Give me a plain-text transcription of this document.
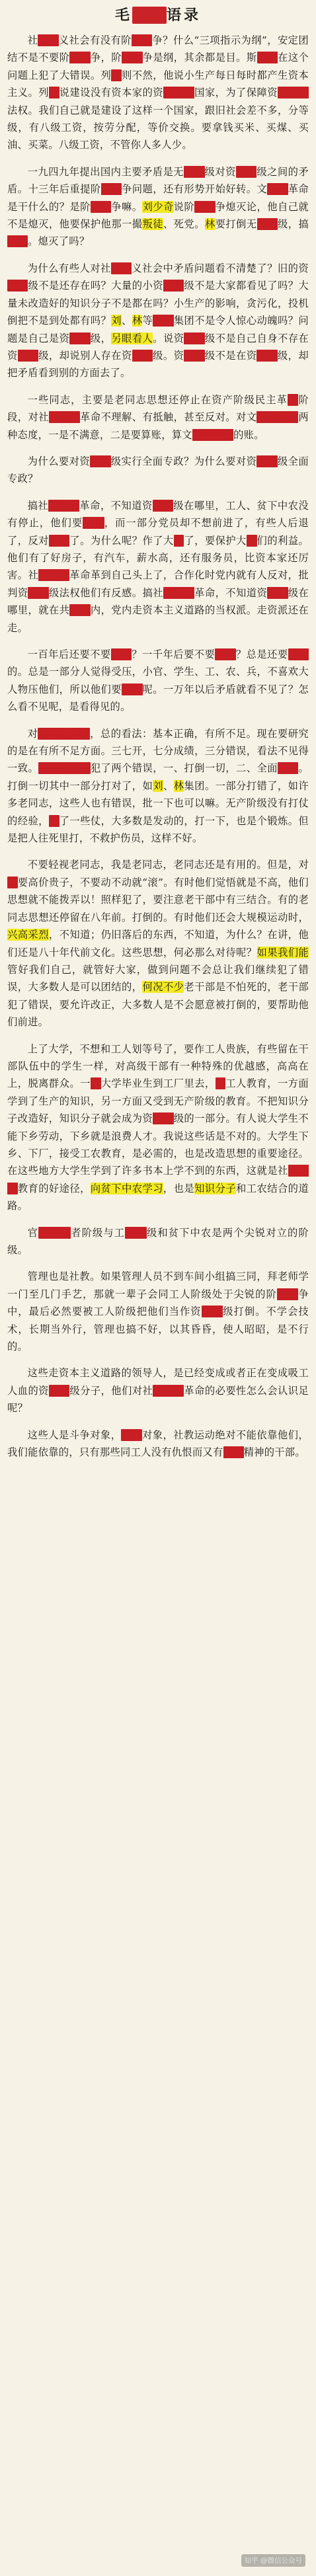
毛主席语录

社会主义社会有没有阶级斗争？什么“三项指示为纲”，安定团结不是不要阶级斗争，阶级斗争是纲，其余都是目。斯大林在这个问题上犯了大错误。列宁则不然，他说小生产每日每时都产生资本主义。列宁说建设没有资本家的资产阶级国家，为了保障资产阶级法权。我们自己就是建设了这样一个国家，跟旧社会差不多，分等级，有八级工资，按劳分配，等价交换。要拿钱买米、买煤、买油、买菜。八级工资，不管你人多人少。

一九四九年提出国内主要矛盾是无产阶级对资产阶级之间的矛盾。十三年后重提阶级斗争问题，还有形势开始好转。文化大革命是干什么的？是阶级斗争嘛。刘少奇说阶级斗争熄灭论，他自己就不是熄灭，他要保护他那一撮叛徒、死党。林要打倒无产阶级，搞政变。熄灭了吗？

为什么有些人对社会主义社会中矛盾问题看不清楚了？旧的资产阶级不是还存在吗？大量的小资产阶级不是大家都看见了吗？大量未改造好的知识分子不是都在吗？小生产的影响，贪污化，投机倒把不是到处都有吗？刘、林等反党集团不是令人惊心动魄吗？问题是自己是资产阶级，另眼看人。说资产阶级不是自己自身不存在资产阶级，却说别人存在资产阶级。资产阶级不是在资产阶级，却把矛盾看到别的方面去了。

一些同志，主要是老同志思想还停止在资产阶级民主革命阶段，对社会主义革命不理解、有抵触，甚至反对。对文化大革命两种态度，一是不满意，二是要算账，算文化大革命的账。

为什么要对资产阶级实行全面专政？为什么要对资产阶级全面专政？

搞社会主义革命，不知道资产阶级在哪里，工人、贫下中农没有停止，他们要革命，而一部分党员却不想前进了，有些人后退了，反对革命了。为什么呢？作了大官了，要保护大官们的利益。他们有了好房子，有汽车，薪水高，还有服务员，比资本家还厉害。社会主义革命革到自己头上了，合作化时党内就有人反对，批判资产阶级法权他们有反感。搞社会主义革命，不知道资产阶级在哪里，就在共产党内，党内走资本主义道路的当权派。走资派还在走。

一百年后还要不要革命？一千年后要不要革命？总是还要革命的。总是一部分人觉得受压，小官、学生、工、农、兵，不喜欢大人物压他们，所以他们要革命呢。一万年以后矛盾就看不见了？怎么看不见呢，是看得见的。

对文化大革命，总的看法：基本正确，有所不足。现在要研究的是在有所不足方面。三七开，七分成绩，三分错误，看法不见得一致。文化大革命犯了两个错误，一、打倒一切，二、全面内战。打倒一切其中一部分打对了，如刘、林集团。一部分打错了，如许多老同志，这些人也有错误，批一下也可以嘛。无产阶级没有打仗的经验，打了一些仗，大多数是发动的，打一下，也是个锻炼。但是把人往死里打，不救护伤员，这样不好。

不要轻视老同志，我是老同志，老同志还是有用的。但是，对官要高价贵子，不要动不动就“滚”。有时他们觉悟就是不高，他们思想就不能拨弄以！照样犯了，要注意老干部中有三结合。有的老同志思想还停留在八年前。打倒的。有时他们还会大规模运动时，兴高采烈，不知道；仍旧落后的东西，不知道，为什么？在讲，他们还是八十年代前文化。这些思想，何必那么对待呢？如果我们能管好我们自己，就管好大家，做到问题不会总让我们继续犯了错误，大多数人是可以团结的，何况不少老干部是不怕死的，老干部犯了错误，要允许改正，大多数人是不会愿意被打倒的，要帮助他们前进。

上了大学，不想和工人划等号了，要作工人贵族，有些留在干部队伍中的学生一样，对高级干部有一种特殊的优越感，高高在上，脱离群众。一个大学毕业生到工厂里去，受工人教育，一方面学到了生产的知识，另一方面又受到无产阶级的教育。不把知识分子改造好，知识分子就会成为资产阶级的一部分。有人说大学生不能下乡劳动，下乡就是浪费人才。我说这些话是不对的。大学生下乡、下厂，接受工农教育，是必需的，也是改造思想的重要途径。在这些地方大学生学到了许多书本上学不到的东西，这就是社会主义教育的好途径，向贫下中农学习，也是知识分子和工农结合的道路。

官僚主义者阶级与工人阶级和贫下中农是两个尖锐对立的阶级。

管理也是社教。如果管理人员不到车间小组搞三同，拜老师学一门至几门手艺，那就一辈子会同工人阶级处于尖锐的阶级斗争中，最后必然要被工人阶级把他们当作资产阶级打倒。不学会技术，长期当外行，管理也搞不好，以其昏昏，使人昭昭，是不行的。

这些走资本主义道路的领导人，是已经变成或者正在变成吸工人血的资产阶级分子，他们对社会主义革命的必要性怎么会认识足呢？

这些人是斗争对象，革命对象，社教运动绝对不能依靠他们，我们能依靠的，只有那些同工人没有仇恨而又有革命精神的干部。

知乎 @微信公众号
